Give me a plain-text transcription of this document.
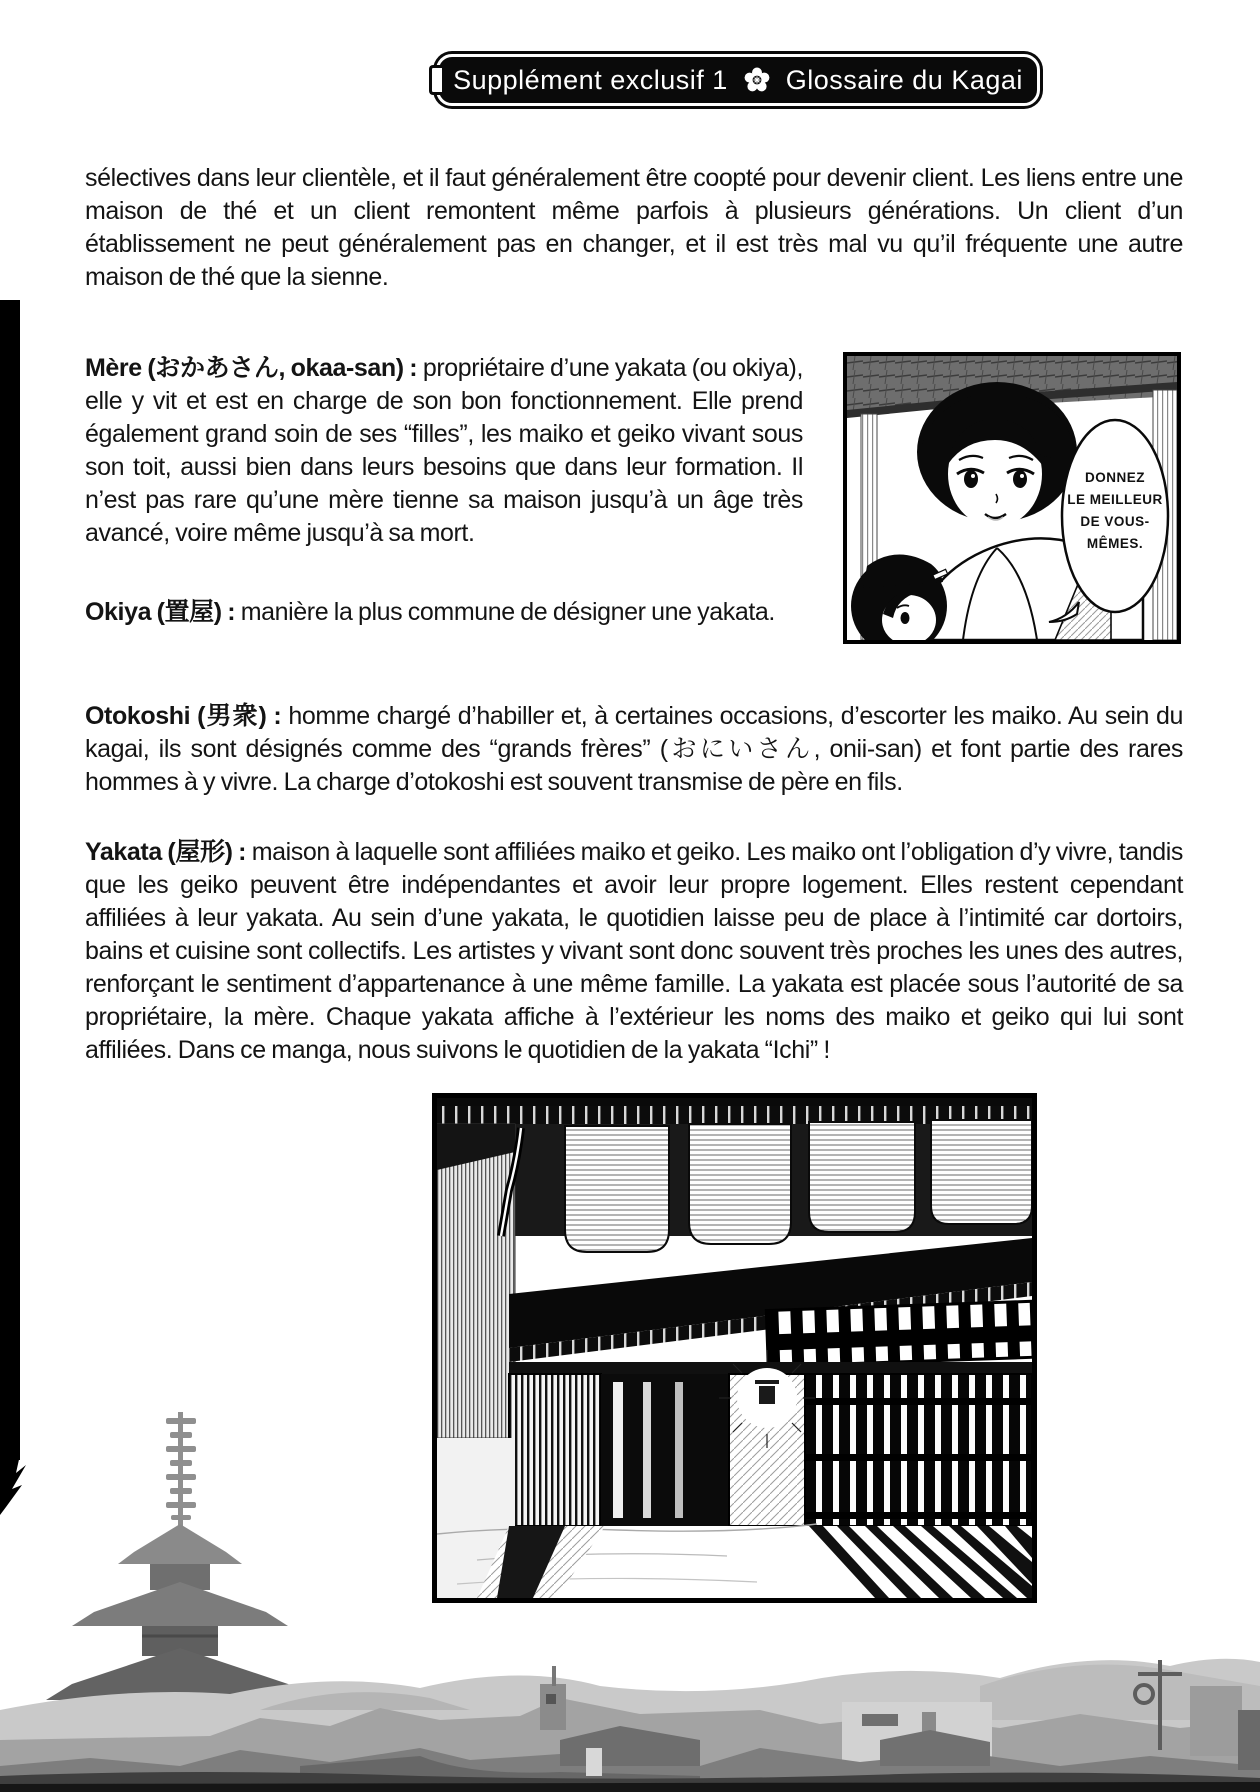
Supplément exclusif 1 Glossaire du Kagai
sélectives dans leur clientèle, et il faut généralement être coopté pour devenir client. Les liens entre une maison de thé et un client remontent même parfois à plusieurs générations. Un client d’un établissement ne peut généralement pas en changer, et il est très mal vu qu’il fréquente une autre maison de thé que la sienne.
Mère (おかあさん, okaa-san) : propriétaire d’une yakata (ou okiya), elle y vit et est en charge de son bon fonctionnement. Elle prend également grand soin de ses “filles”, les maiko et geiko vivant sous son toit, aussi bien dans leurs besoins que dans leur formation. Il n’est pas rare qu’une mère tienne sa maison jusqu’à un âge très avancé, voire même jusqu’à sa mort.
DONNEZ
LE MEILLEUR
DE VOUS-
MÊMES.
Okiya (置屋) : manière la plus commune de désigner une yakata.
Otokoshi (男衆) : homme chargé d’habiller et, à certaines occasions, d’escorter les maiko. Au sein du kagai, ils sont désignés comme des “grands frères” (おにいさん, onii-san) et font partie des rares hommes à y vivre. La charge d’otokoshi est souvent transmise de père en fils.
Yakata (屋形) : maison à laquelle sont affiliées maiko et geiko. Les maiko ont l’obligation d’y vivre, tandis que les geiko peuvent être indépendantes et avoir leur propre logement. Elles restent cependant affiliées à leur yakata. Au sein d’une yakata, le quotidien laisse peu de place à l’intimité car dortoirs, bains et cuisine sont collectifs. Les artistes y vivant sont donc souvent très proches les unes des autres, renforçant le sentiment d’appartenance à une même famille. La yakata est placée sous l’autorité de sa propriétaire, la mère. Chaque yakata affiche à l’extérieur les noms des maiko et geiko qui lui sont affiliées. Dans ce manga, nous suivons le quotidien de la yakata “Ichi” !
